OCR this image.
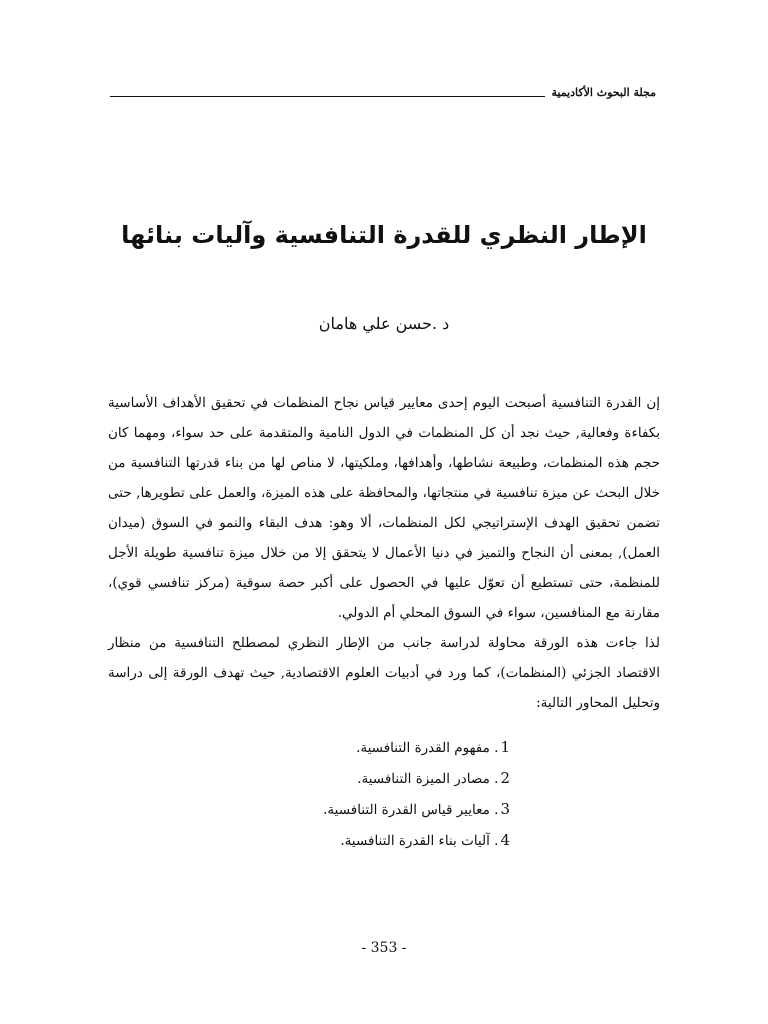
مجلة البحوث الأكاديمية
الإطار النظري للقدرة التنافسية وآليات بنائها
د .حسن علي هامان

إن القدرة التنافسية أصبحت اليوم إحدى معايير قياس نجاح المنظمات في تحقيق الأهداف الأساسية بكفاءة وفعالية, حيث نجد أن كل المنظمات في الدول النامية والمتقدمة على حد سواء، ومهما كان حجم هذه المنظمات، وطبيعة نشاطها، وأهدافها، وملكيتها، لا مناص لها من بناء قدرتها التنافسية من خلال البحث عن ميزة تنافسية في منتجاتها، والمحافظة على هذه الميزة، والعمل على تطويرها, حتى تضمن تحقيق الهدف الإستراتيجي لكل المنظمات، ألا وهو: هدف البقاء والنمو في السوق (ميدان العمل), بمعنى أن النجاح والتميز في دنيا الأعمال لا يتحقق إلا من خلال ميزة تنافسية طويلة الأجل للمنظمة، حتى تستطيع أن تعوّل عليها في الحصول على أكبر حصة سوقية (مركز تنافسي قوي)، مقارنة مع المنافسين، سواء في السوق المحلي أم الدولي.

لذا جاءت هذه الورقة محاولة لدراسة جانب من الإطار النظري لمصطلح التنافسية من منظار الاقتصاد الجزئي (المنظمات)، كما ورد في أدبيات العلوم الاقتصادية, حيث تهدف الورقة إلى دراسة وتحليل المحاور التالية:

1. مفهوم القدرة التنافسية.
2. مصادر الميزة التنافسية.
3. معايير قياس القدرة التنافسية.
4. آليات بناء القدرة التنافسية.
- 353 -
